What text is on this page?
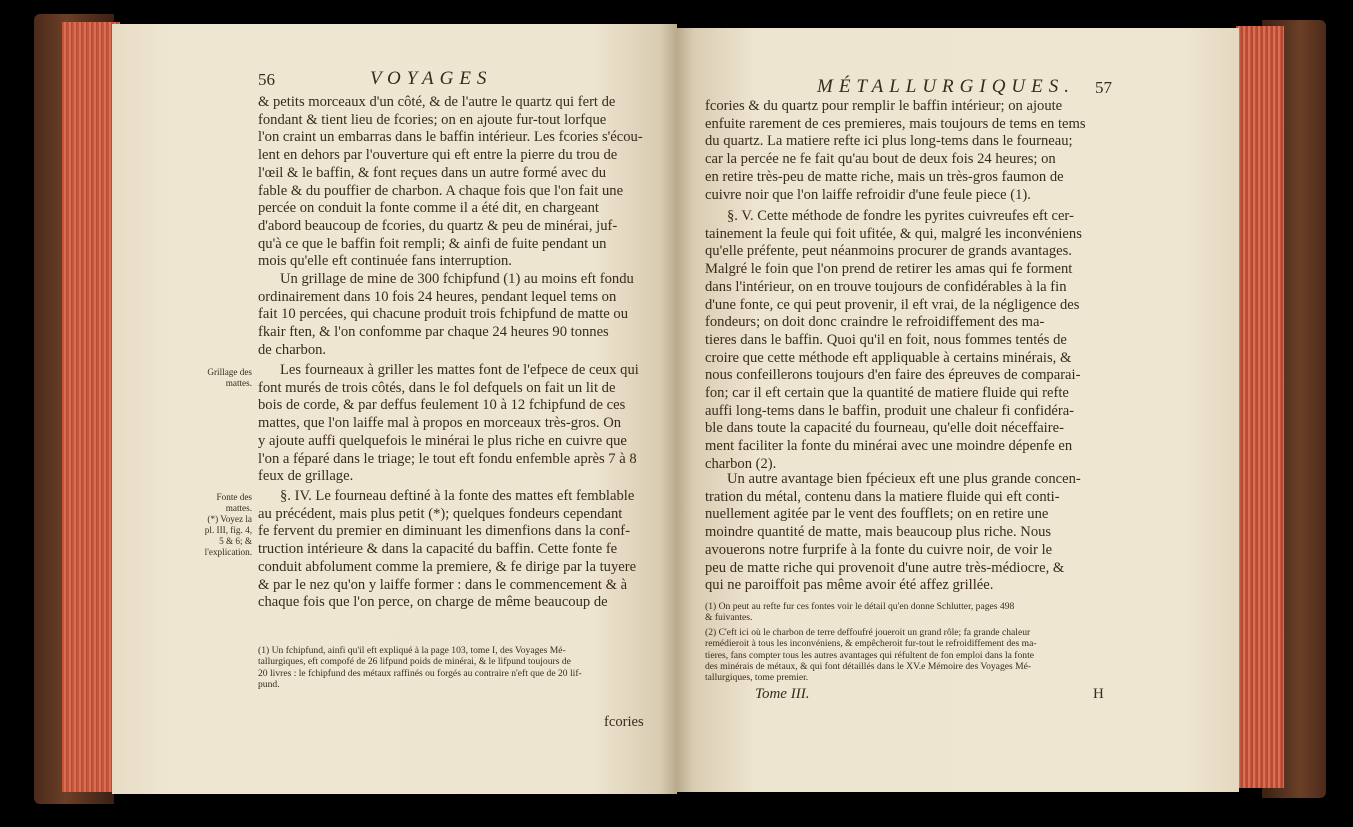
56	VOYAGES
& petits morceaux d'un côté, & de l'autre le quartz qui fert de
fondant & tient lieu de fcories; on en ajoute fur-tout lorfque
l'on craint un embarras dans le baffin intérieur. Les fcories s'écou-
lent en dehors par l'ouverture qui eft entre la pierre du trou de
l'œil & le baffin, & font reçues dans un autre formé avec du
fable & du pouffier de charbon. A chaque fois que l'on fait une
percée on conduit la fonte comme il a été dit, en chargeant
d'abord beaucoup de fcories, du quartz & peu de minérai, juf-
qu'à ce que le baffin foit rempli; & ainfi de fuite pendant un
mois qu'elle eft continuée fans interruption.
Un grillage de mine de 300 fchipfund (1) au moins eft fondu
ordinairement dans 10 fois 24 heures, pendant lequel tems on
fait 10 percées, qui chacune produit trois fchipfund de matte ou
fkair ften, & l'on confomme par chaque 24 heures 90 tonnes
de charbon.
Les fourneaux à griller les mattes font de l'efpece de ceux qui
font murés de trois côtés, dans le fol defquels on fait un lit de
bois de corde, & par deffus feulement 10 à 12 fchipfund de ces
mattes, que l'on laiffe mal à propos en morceaux très-gros. On
y ajoute auffi quelquefois le minérai le plus riche en cuivre que
l'on a féparé dans le triage; le tout eft fondu enfemble après 7 à 8
feux de grillage.
§. IV. Le fourneau deftiné à la fonte des mattes eft femblable
au précédent, mais plus petit (*); quelques fondeurs cependant
fe fervent du premier en diminuant les dimenfions dans la conf-
truction intérieure & dans la capacité du baffin. Cette fonte fe
conduit abfolument comme la premiere, & fe dirige par la tuyere
& par le nez qu'on y laiffe former : dans le commencement & à
chaque fois que l'on perce, on charge de même beaucoup de
Grillage des
mattes.
Fonte des
mattes.
(*) Voyez la
pl. III, fig. 4,
5 & 6; &
l'explication.
(1) Un fchipfund, ainfi qu'il eft expliqué à la page 103, tome I, des Voyages Mé-
tallurgiques, eft compofé de 26 lifpund poids de minérai, & le lifpund toujours de
20 livres : le fchipfund des métaux raffinés ou forgés au contraire n'eft que de 20 lif-
pund.
fcories
MÉTALLURGIQUES. 57
fcories & du quartz pour remplir le baffin intérieur; on ajoute
enfuite rarement de ces premieres, mais toujours de tems en tems
du quartz. La matiere refte ici plus long-tems dans le fourneau;
car la percée ne fe fait qu'au bout de deux fois 24 heures; on
en retire très-peu de matte riche, mais un très-gros faumon de
cuivre noir que l'on laiffe refroidir d'une feule piece (1).
§. V. Cette méthode de fondre les pyrites cuivreufes eft cer-
tainement la feule qui foit ufitée, & qui, malgré les inconvéniens
qu'elle préfente, peut néanmoins procurer de grands avantages.
Malgré le foin que l'on prend de retirer les amas qui fe forment
dans l'intérieur, on en trouve toujours de confidérables à la fin
d'une fonte, ce qui peut provenir, il eft vrai, de la négligence des
fondeurs; on doit donc craindre le refroidiffement des ma-
tieres dans le baffin. Quoi qu'il en foit, nous fommes tentés de
croire que cette méthode eft appliquable à certains minérais, &
nous confeillerons toujours d'en faire des épreuves de comparai-
fon; car il eft certain que la quantité de matiere fluide qui refte
auffi long-tems dans le baffin, produit une chaleur fi confidéra-
ble dans toute la capacité du fourneau, qu'elle doit néceffaire-
ment faciliter la fonte du minérai avec une moindre dépenfe en
charbon (2).
Un autre avantage bien fpécieux eft une plus grande concen-
tration du métal, contenu dans la matiere fluide qui eft conti-
nuellement agitée par le vent des foufflets; on en retire une
moindre quantité de matte, mais beaucoup plus riche. Nous
avouerons notre furprife à la fonte du cuivre noir, de voir le
peu de matte riche qui provenoit d'une autre très-médiocre, &
qui ne paroiffoit pas même avoir été affez grillée.
(1) On peut au refte fur ces fontes voir le détail qu'en donne Schlutter, pages 498
& fuivantes.
(2) C'eft ici où le charbon de terre deffoufré joueroit un grand rôle; fa grande chaleur
remédieroit à tous les inconvéniens, & empêcheroit fur-tout le refroidiffement des ma-
tieres, fans compter tous les autres avantages qui réfultent de fon emploi dans la fonte
des minérais de métaux, & qui font détaillés dans le XV.e Mémoire des Voyages Mé-
tallurgiques, tome premier.
Tome III.	H
